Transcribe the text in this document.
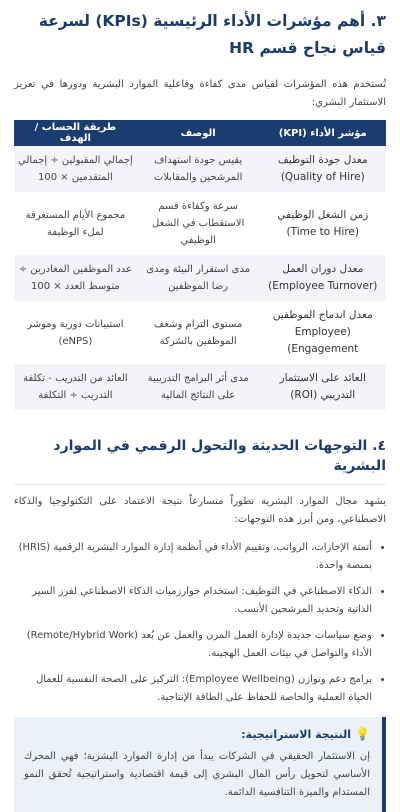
٣. أهم مؤشرات الأداء الرئيسية (KPIs) لسرعة قياس نجاح قسم HR

تُستخدم هذه المؤشرات لقياس مدى كفاءة وفاعلية الموارد البشرية ودورها في تعزيز الاستثمار البشري:

مؤشر الأداء (KPI)	الوصف	طريقة الحساب / الهدف
معدل جودة التوظيف (Quality of Hire)	يقيس جودة استهداف المرشحين والمقابلات	إجمالي المقبولين ÷ إجمالي المتقدمين × 100
زمن الشغل الوظيفي (Time to Hire)	سرعة وكفاءة قسم الاستقطاب في الشغل الوظيفي	مجموع الأيام المستغرقة لملء الوظيفة
معدل دوران العمل (Employee Turnover)	مدى استقرار البيئة ومدى رضا الموظفين	عدد الموظفين المغادرين ÷ متوسط العدد × 100
معدل اندماج الموظفين (Employee Engagement)	مستوى التزام وشغف الموظفين بالشركة	استبيانات دورية وموشر (eNPS)
العائد على الاستثمار التدريبي (ROI)	مدى أثر البرامج التدريبية على النتائج المالية	العائد من التدريب - تكلفة التدريب ÷ التكلفة
٤. التوجهات الحديثة والتحول الرقمي في الموارد البشرية

يشهد مجال الموارد البشرية تطوراً متسارعاً نتيجة الاعتماد على التكنولوجيا والذكاء الاصطناعي، ومن أبرز هذه التوجهات:

• أتمتة الإجازات، الرواتب، وتقييم الأداء في أنظمة إدارة الموارد البشرية الرقمية (HRIS) بمنصة واحدة.
• الذكاء الاصطناعي في التوظيف: استخدام خوارزميات الذكاء الاصطناعي لفرز السير الذاتية وتحديد المرشحين الأنسب.
• وضع سياسات جديدة لإدارة العمل المرن والعمل عن بُعد (Remote/Hybrid Work) الأداء والتواصل في بيئات العمل الهجينة.
• برامج دعم وتوازن (Employee Wellbeing): التركيز على الصحة النفسية للعمال الحياة العملية والخاصة للحفاظ على الطاقة الإنتاجية.
💡النتيجة الاستراتيجية:
إن الاستثمار الحقيقي في الشركات يبدأ من إدارة الموارد البشرية؛ فهي المحرك الأساسي لتحويل رأس المال البشري إلى قيمة اقتصادية واستراتيجية تُحقق النمو المستدام والميزة التنافسية الدائمة.
